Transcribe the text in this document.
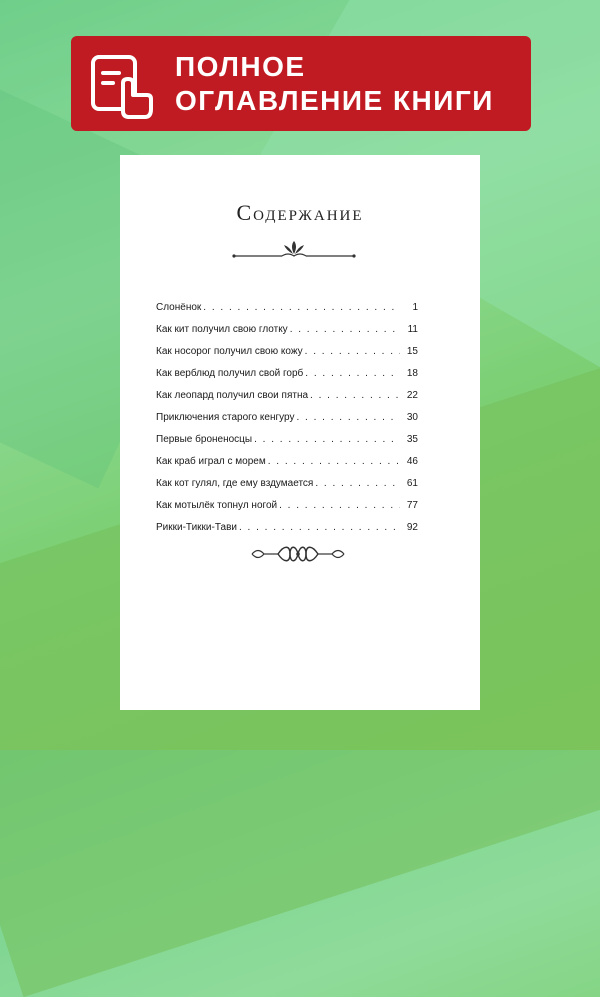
ПОЛНОЕ
ОГЛАВЛЕНИЕ КНИГИ
Содержание
Слонёнок . . .	1
Как кит получил свою глотку . . .	11
Как носорог получил свою кожу . . .	15
Как верблюд получил свой горб . . .	18
Как леопард получил свои пятна . . .	22
Приключения старого кенгуру . . .	30
Первые броненосцы . . .	35
Как краб играл с морем . . .	46
Как кот гулял, где ему вздумается . . .	61
Как мотылёк топнул ногой . . .	77
Рикки-Тикки-Тави . . .	92
